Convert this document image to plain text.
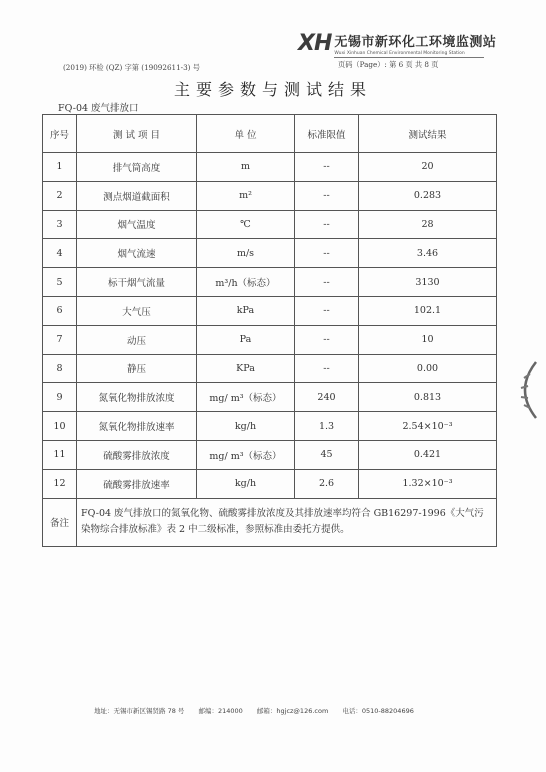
XH 无锡市新环化工环境监测站
Wuxi Xinhuan Chemical Environmental Monitoring Station
(2019) 环检 (QZ) 字第 (19092611-3) 号	页码（Page）: 第 6 页 共 8 页
主要参数与测试结果
FQ-04 废气排放口
序号	测 试 项 目	单 位	标准限值	测试结果
1	排气筒高度	m	--	20
2	测点烟道截面积	m²	--	0.283
3	烟气温度	℃	--	28
4	烟气流速	m/s	--	3.46
5	标干烟气流量	m³/h（标态）	--	3130
6	大气压	kPa	--	102.1
7	动压	Pa	--	10
8	静压	KPa	--	0.00
9	氮氧化物排放浓度	mg/ m³（标态）	240	0.813
10	氮氧化物排放速率	kg/h	1.3	2.54×10⁻³
11	硫酸雾排放浓度	mg/ m³（标态）	45	0.421
12	硫酸雾排放速率	kg/h	2.6	1.32×10⁻³
备注	FQ-04 废气排放口的氮氧化物、硫酸雾排放浓度及其排放速率均符合 GB16297-1996《大气污染物综合排放标准》表 2 中二级标准，参照标准由委托方提供。			
地址：无锡市新区锡贤路 78 号 邮编：214000 邮箱：hgjcz@126.com 电话：0510-88204696
